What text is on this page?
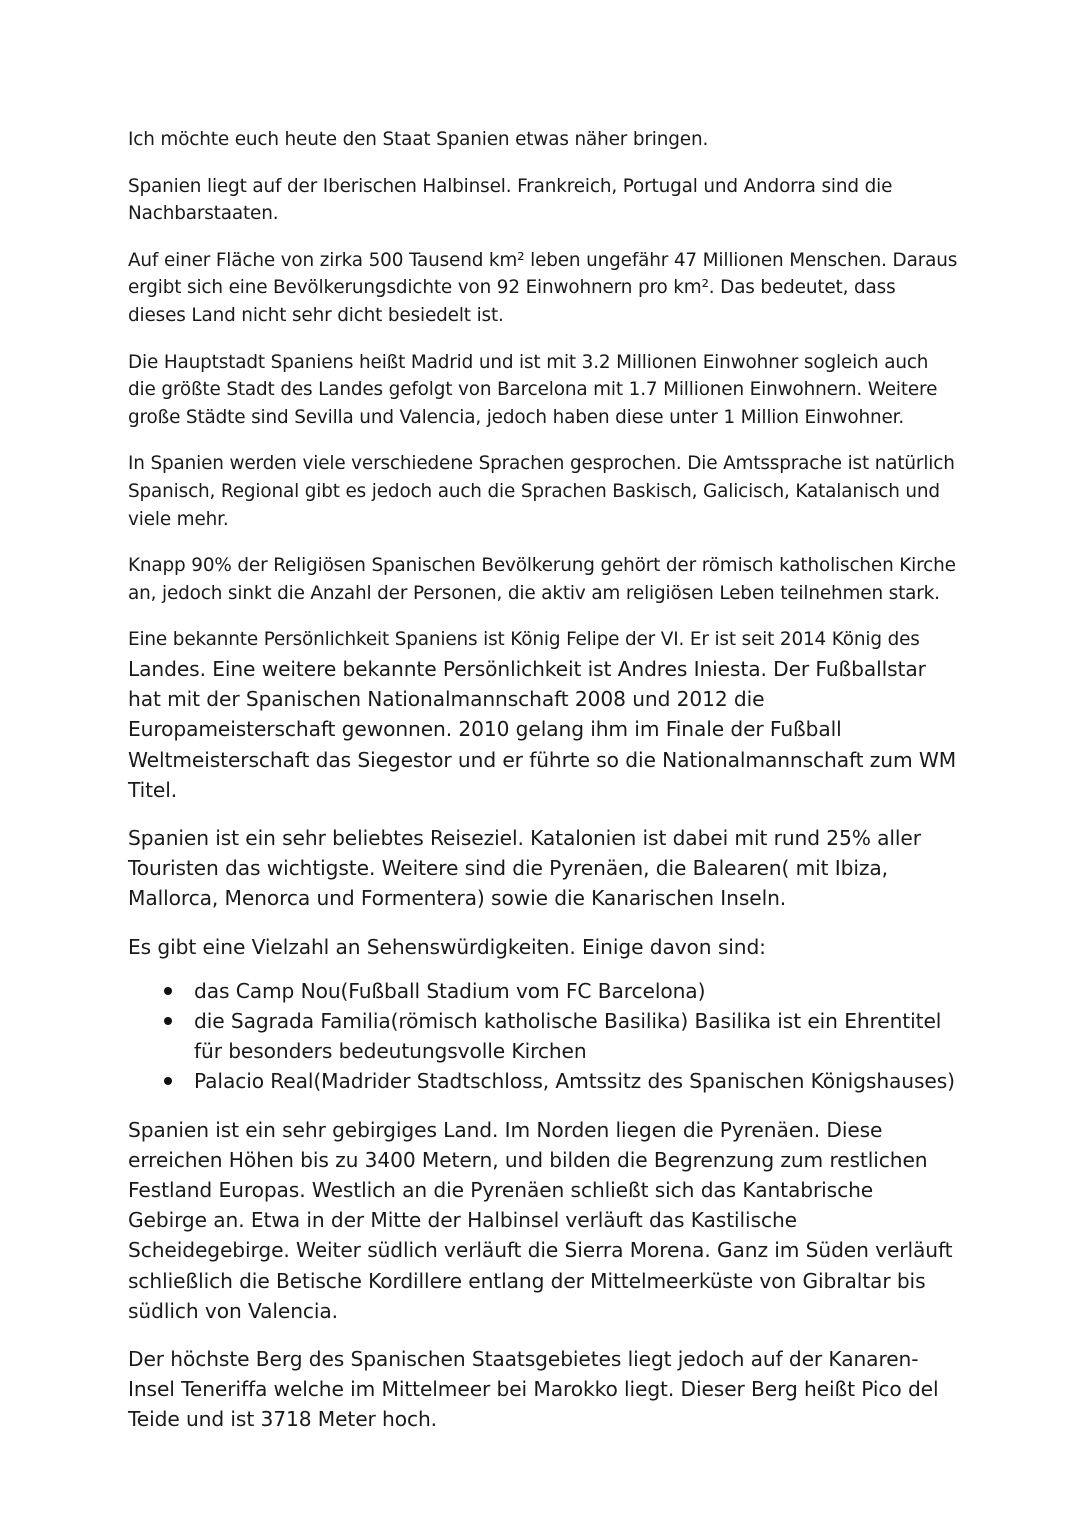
Ich möchte euch heute den Staat Spanien etwas näher bringen.

Spanien liegt auf der Iberischen Halbinsel. Frankreich, Portugal und Andorra sind die Nachbarstaaten.

Auf einer Fläche von zirka 500 Tausend km² leben ungefähr 47 Millionen Menschen. Daraus ergibt sich eine Bevölkerungsdichte von 92 Einwohnern pro km². Das bedeutet, dass dieses Land nicht sehr dicht besiedelt ist.

Die Hauptstadt Spaniens heißt Madrid und ist mit 3.2 Millionen Einwohner sogleich auch die größte Stadt des Landes gefolgt von Barcelona mit 1.7 Millionen Einwohnern. Weitere große Städte sind Sevilla und Valencia, jedoch haben diese unter 1 Million Einwohner.

In Spanien werden viele verschiedene Sprachen gesprochen. Die Amtssprache ist natürlich Spanisch, Regional gibt es jedoch auch die Sprachen Baskisch, Galicisch, Katalanisch und viele mehr.

Knapp 90% der Religiösen Spanischen Bevölkerung gehört der römisch katholischen Kirche an, jedoch sinkt die Anzahl der Personen, die aktiv am religiösen Leben teilnehmen stark.

Eine bekannte Persönlichkeit Spaniens ist König Felipe der VI. Er ist seit 2014 König des

Landes. Eine weitere bekannte Persönlichkeit ist Andres Iniesta. Der Fußballstar hat mit der Spanischen Nationalmannschaft 2008 und 2012 die Europameisterschaft gewonnen. 2010 gelang ihm im Finale der Fußball Weltmeisterschaft das Siegestor und er führte so die Nationalmannschaft zum WM Titel.

Spanien ist ein sehr beliebtes Reiseziel. Katalonien ist dabei mit rund 25% aller Touristen das wichtigste. Weitere sind die Pyrenäen, die Balearen( mit Ibiza, Mallorca, Menorca und Formentera) sowie die Kanarischen Inseln.

Es gibt eine Vielzahl an Sehenswürdigkeiten. Einige davon sind:

das Camp Nou(Fußball Stadium vom FC Barcelona)
die Sagrada Familia(römisch katholische Basilika) Basilika ist ein Ehrentitel für besonders bedeutungsvolle Kirchen
Palacio Real(Madrider Stadtschloss, Amtssitz des Spanischen Königshauses)

Spanien ist ein sehr gebirgiges Land. Im Norden liegen die Pyrenäen. Diese erreichen Höhen bis zu 3400 Metern, und bilden die Begrenzung zum restlichen Festland Europas. Westlich an die Pyrenäen schließt sich das Kantabrische Gebirge an. Etwa in der Mitte der Halbinsel verläuft das Kastilische Scheidegebirge. Weiter südlich verläuft die Sierra Morena. Ganz im Süden verläuft schließlich die Betische Kordillere entlang der Mittelmeerküste von Gibraltar bis südlich von Valencia.

Der höchste Berg des Spanischen Staatsgebietes liegt jedoch auf der Kanaren-Insel Teneriffa welche im Mittelmeer bei Marokko liegt. Dieser Berg heißt Pico del Teide und ist 3718 Meter hoch.
